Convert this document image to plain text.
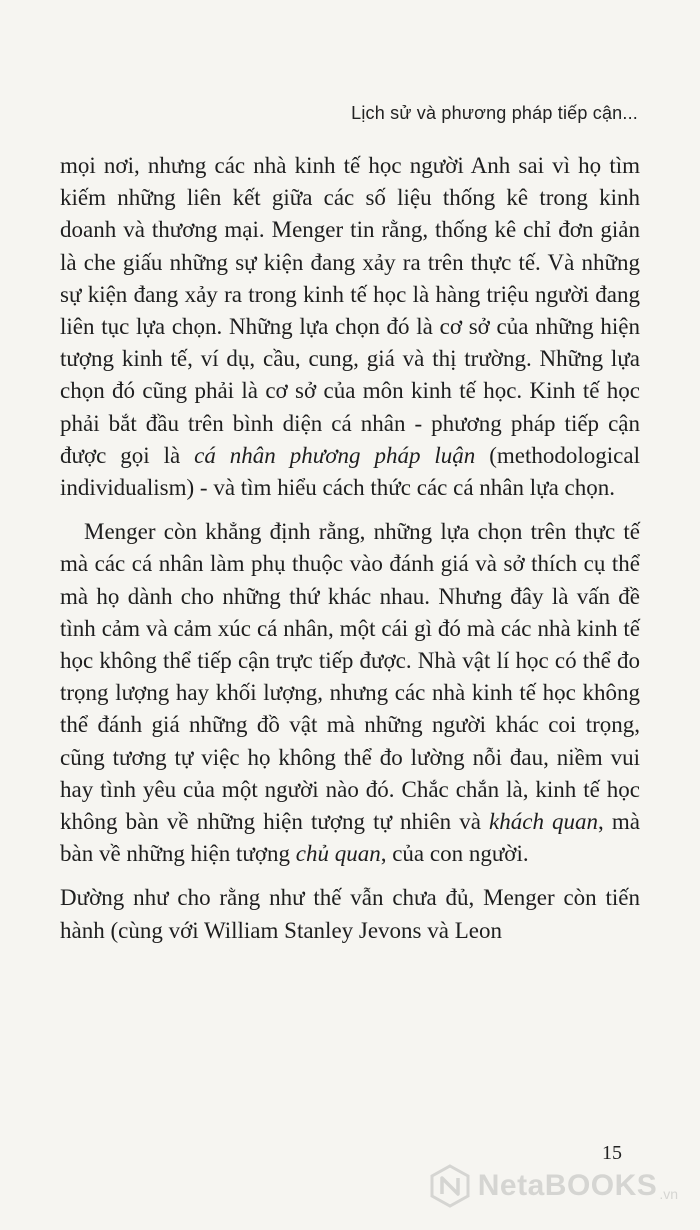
Lịch sử và phương pháp tiếp cận...

mọi nơi, nhưng các nhà kinh tế học người Anh sai vì họ tìm kiếm những liên kết giữa các số liệu thống kê trong kinh doanh và thương mại. Menger tin rằng, thống kê chỉ đơn giản là che giấu những sự kiện đang xảy ra trên thực tế. Và những sự kiện đang xảy ra trong kinh tế học là hàng triệu người đang liên tục lựa chọn. Những lựa chọn đó là cơ sở của những hiện tượng kinh tế, ví dụ, cầu, cung, giá và thị trường. Những lựa chọn đó cũng phải là cơ sở của môn kinh tế học. Kinh tế học phải bắt đầu trên bình diện cá nhân - phương pháp tiếp cận được gọi là cá nhân phương pháp luận (methodological individualism) - và tìm hiểu cách thức các cá nhân lựa chọn.

Menger còn khẳng định rằng, những lựa chọn trên thực tế mà các cá nhân làm phụ thuộc vào đánh giá và sở thích cụ thể mà họ dành cho những thứ khác nhau. Nhưng đây là vấn đề tình cảm và cảm xúc cá nhân, một cái gì đó mà các nhà kinh tế học không thể tiếp cận trực tiếp được. Nhà vật lí học có thể đo trọng lượng hay khối lượng, nhưng các nhà kinh tế học không thể đánh giá những đồ vật mà những người khác coi trọng, cũng tương tự việc họ không thể đo lường nỗi đau, niềm vui hay tình yêu của một người nào đó. Chắc chắn là, kinh tế học không bàn về những hiện tượng tự nhiên và khách quan, mà bàn về những hiện tượng chủ quan, của con người.

Dường như cho rằng như thế vẫn chưa đủ, Menger còn tiến hành (cùng với William Stanley Jevons và Leon

15
NetaBOOKS .vn
